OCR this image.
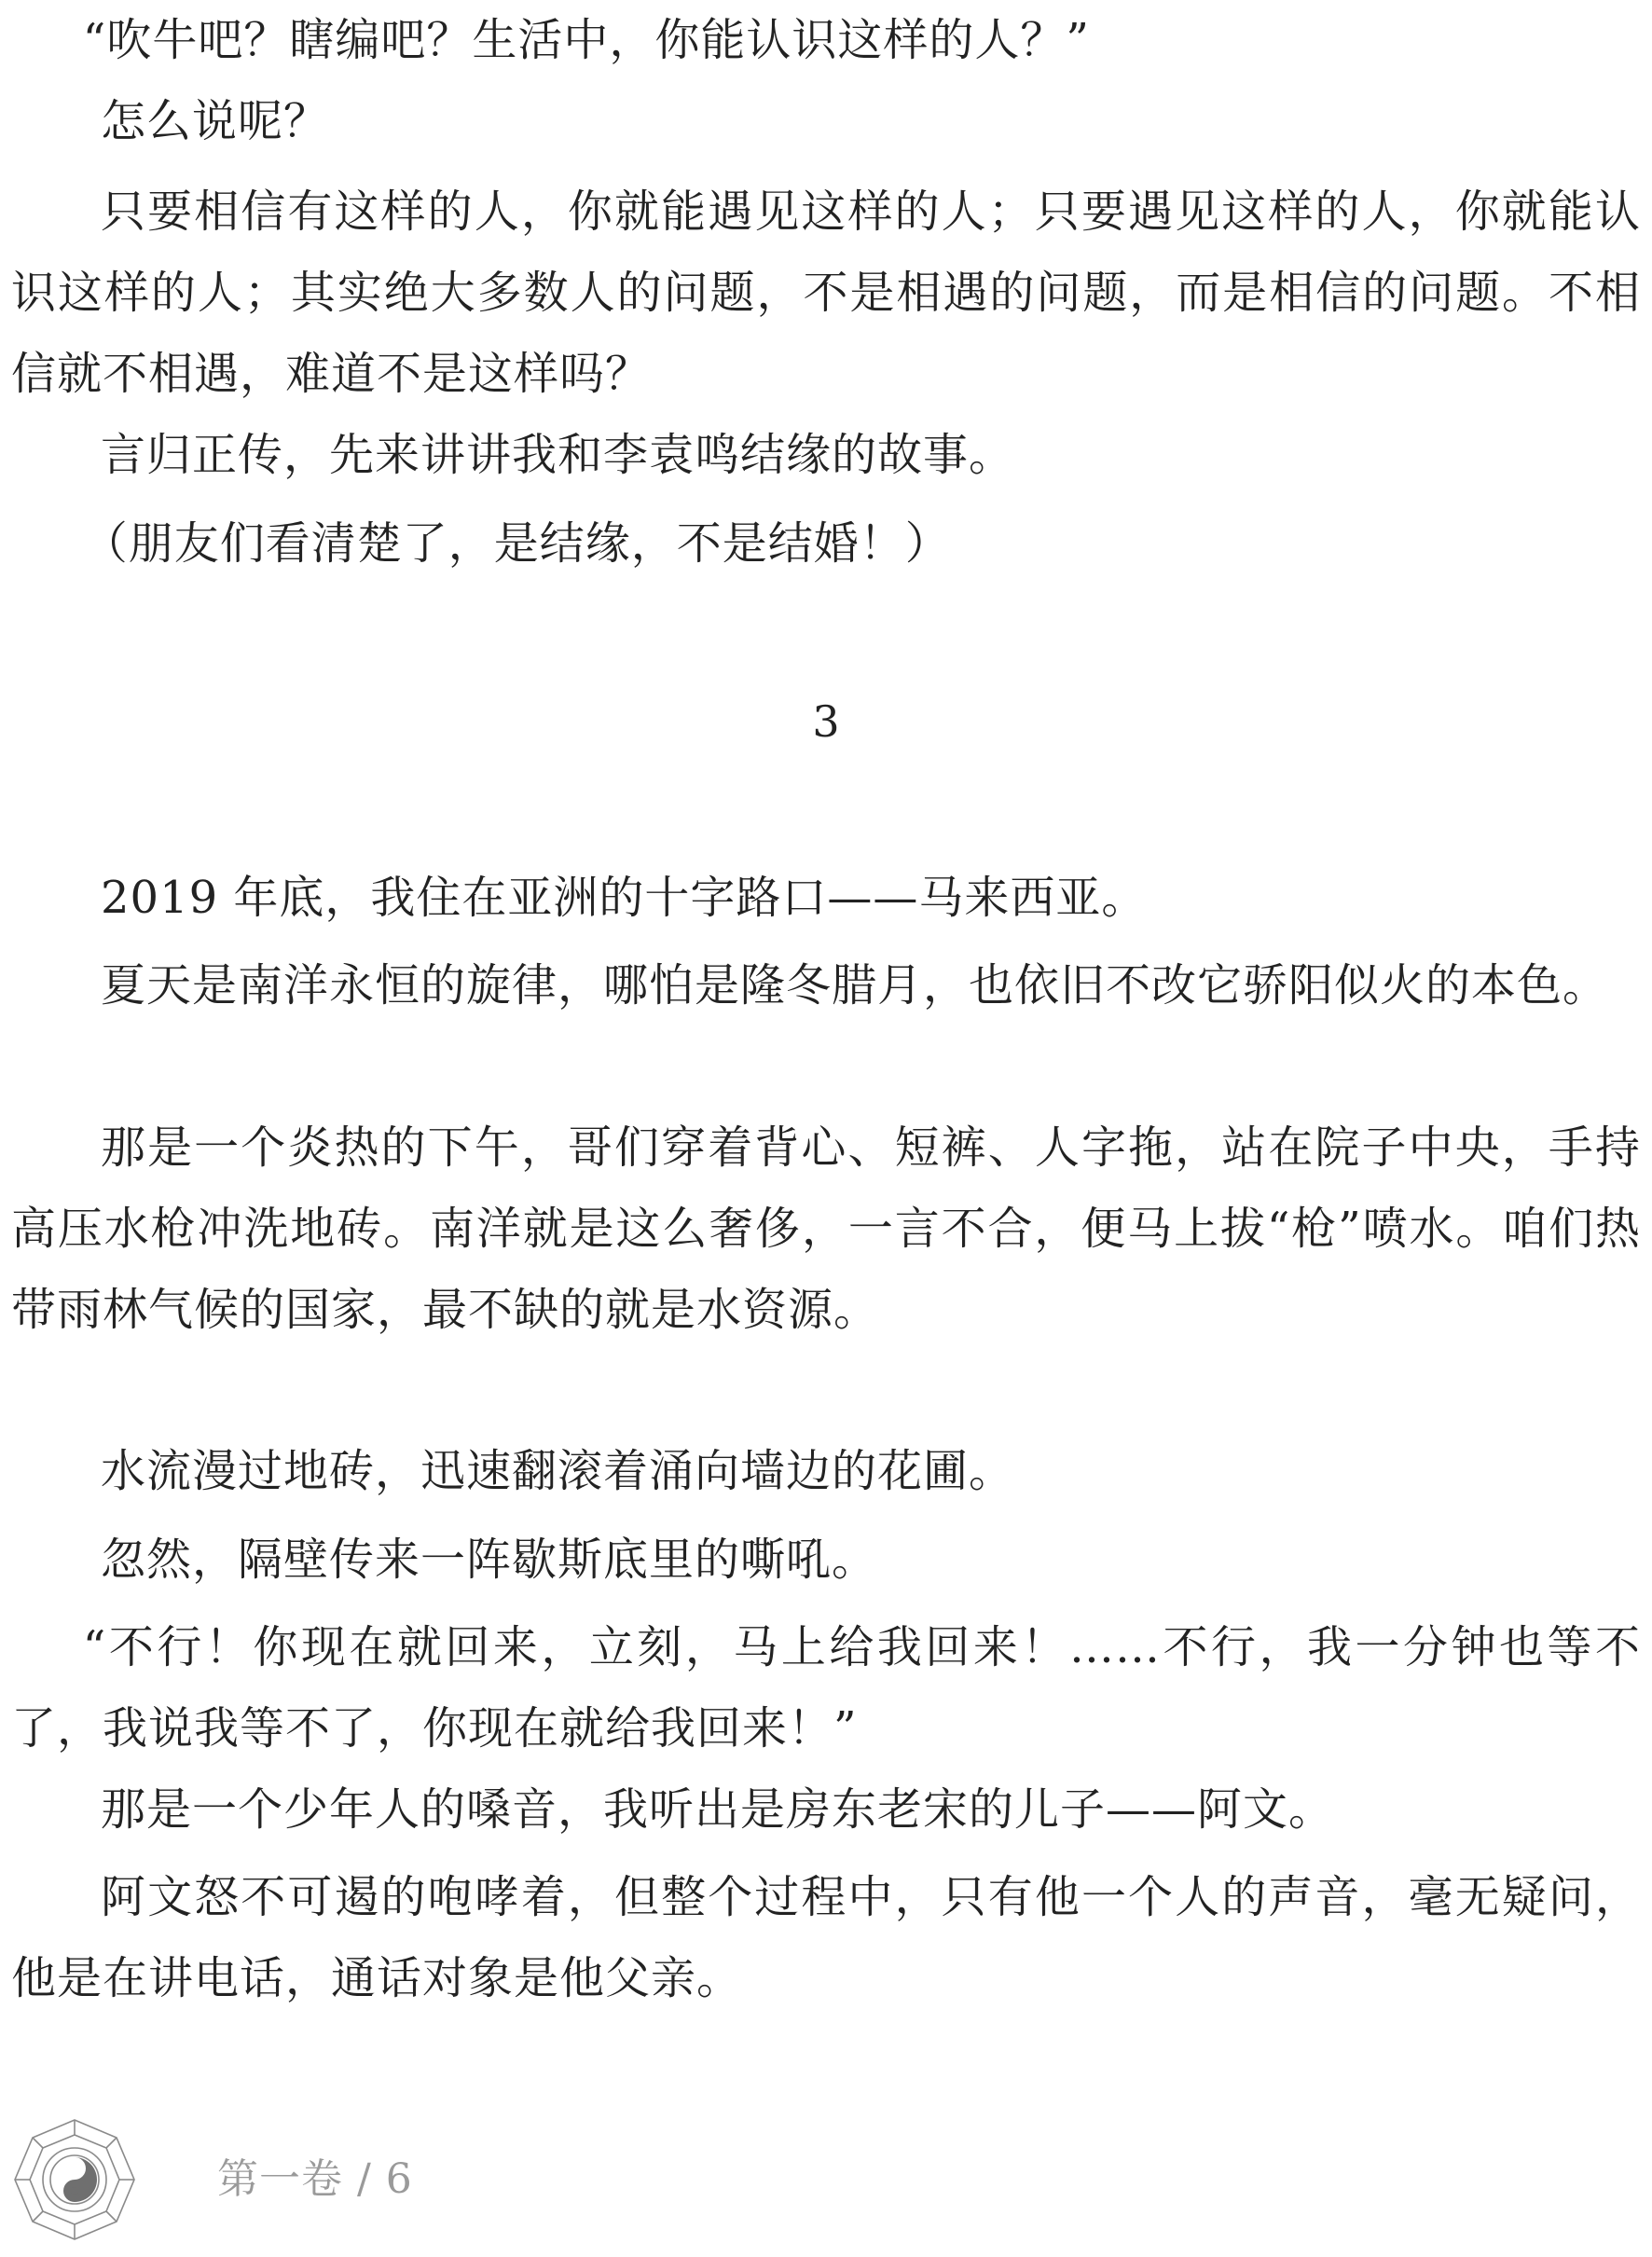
“吹牛吧？瞎编吧？生活中，你能认识这样的人？”

怎么说呢？

只要相信有这样的人，你就能遇见这样的人；只要遇见这样的人，你就能认识这样的人；其实绝大多数人的问题，不是相遇的问题，而是相信的问题。不相信就不相遇，难道不是这样吗？

言归正传，先来讲讲我和李袁鸣结缘的故事。

（朋友们看清楚了，是结缘，不是结婚！）

3

2019 年底，我住在亚洲的十字路口——马来西亚。

夏天是南洋永恒的旋律，哪怕是隆冬腊月，也依旧不改它骄阳似火的本色。

那是一个炎热的下午，哥们穿着背心、短裤、人字拖，站在院子中央，手持高压水枪冲洗地砖。南洋就是这么奢侈，一言不合，便马上拔“枪”喷水。咱们热带雨林气候的国家，最不缺的就是水资源。

水流漫过地砖，迅速翻滚着涌向墙边的花圃。

忽然，隔壁传来一阵歇斯底里的嘶吼。

“不行！你现在就回来，立刻，马上给我回来！……不行，我一分钟也等不了，我说我等不了，你现在就给我回来！”

那是一个少年人的嗓音，我听出是房东老宋的儿子——阿文。

阿文怒不可遏的咆哮着，但整个过程中，只有他一个人的声音，毫无疑问，他是在讲电话，通话对象是他父亲。

第一卷 / 6
